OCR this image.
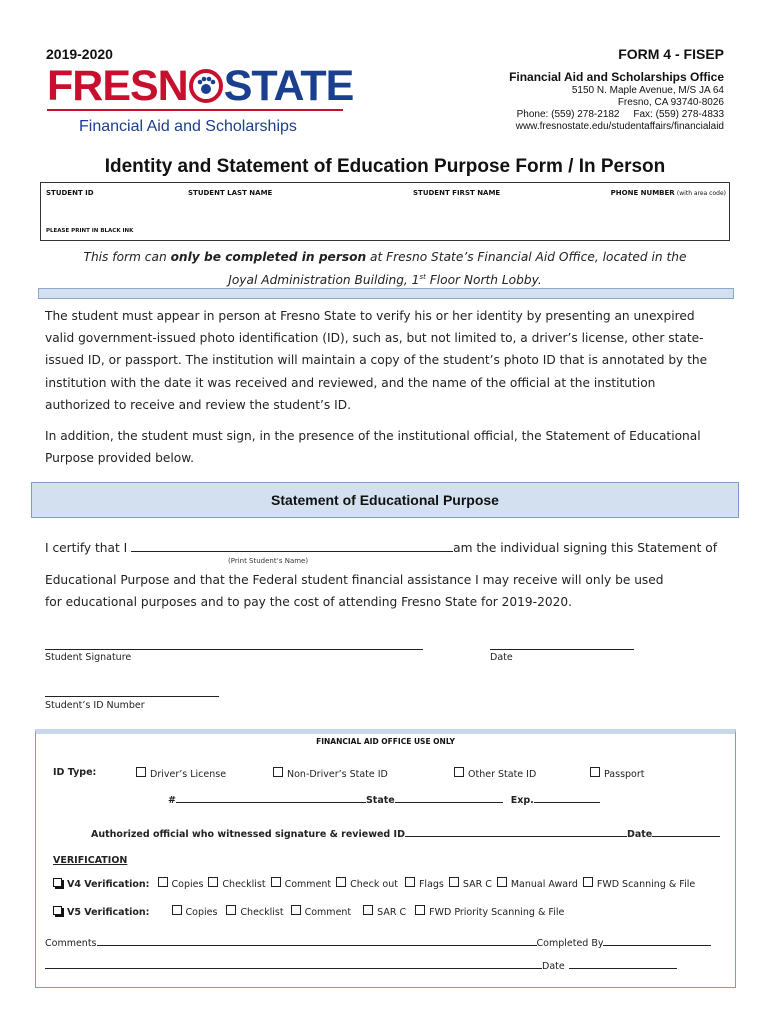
2019-2020	FORM 4 - FISEP
FRESN STATE
Financial Aid and Scholarships
Financial Aid and Scholarships Office
5150 N. Maple Avenue, M/S JA 64
Fresno, CA 93740-8026
Phone: (559) 278-2182     Fax: (559) 278-4833
www.fresnostate.edu/studentaffairs/financialaid
Identity and Statement of Education Purpose Form / In Person
STUDENT ID	STUDENT LAST NAME	STUDENT FIRST NAME	PHONE NUMBER (with area code)
PLEASE PRINT IN BLACK INK
This form can only be completed in person at Fresno State’s Financial Aid Office, located in the
Joyal Administration Building, 1st Floor North Lobby.
The student must appear in person at Fresno State to verify his or her identity by presenting an unexpired
valid government-issued photo identification (ID), such as, but not limited to, a driver’s license, other state-
issued ID, or passport. The institution will maintain a copy of the student’s photo ID that is annotated by the
institution with the date it was received and reviewed, and the name of the official at the institution
authorized to receive and review the student’s ID.
In addition, the student must sign, in the presence of the institutional official, the Statement of Educational
Purpose provided below.
Statement of Educational Purpose
I certify that I	am the individual signing this Statement of
(Print Student’s Name)
Educational Purpose and that the Federal student financial assistance I may receive will only be used
for educational purposes and to pay the cost of attending Fresno State for 2019-2020.
Student Signature	Date
Student’s ID Number
FINANCIAL AID OFFICE USE ONLY
ID Type:	Driver’s License	Non-Driver’s State ID	Other State ID	Passport
#	State	Exp.
Authorized official who witnessed signature & reviewed ID	Date
VERIFICATION
V4 Verification: Copies Checklist Comment Check out Flags SAR C Manual Award FWD Scanning & File
V5 Verification:	Copies Checklist Comment	SAR C FWD Priority Scanning & File
Comments	Completed By
Date
